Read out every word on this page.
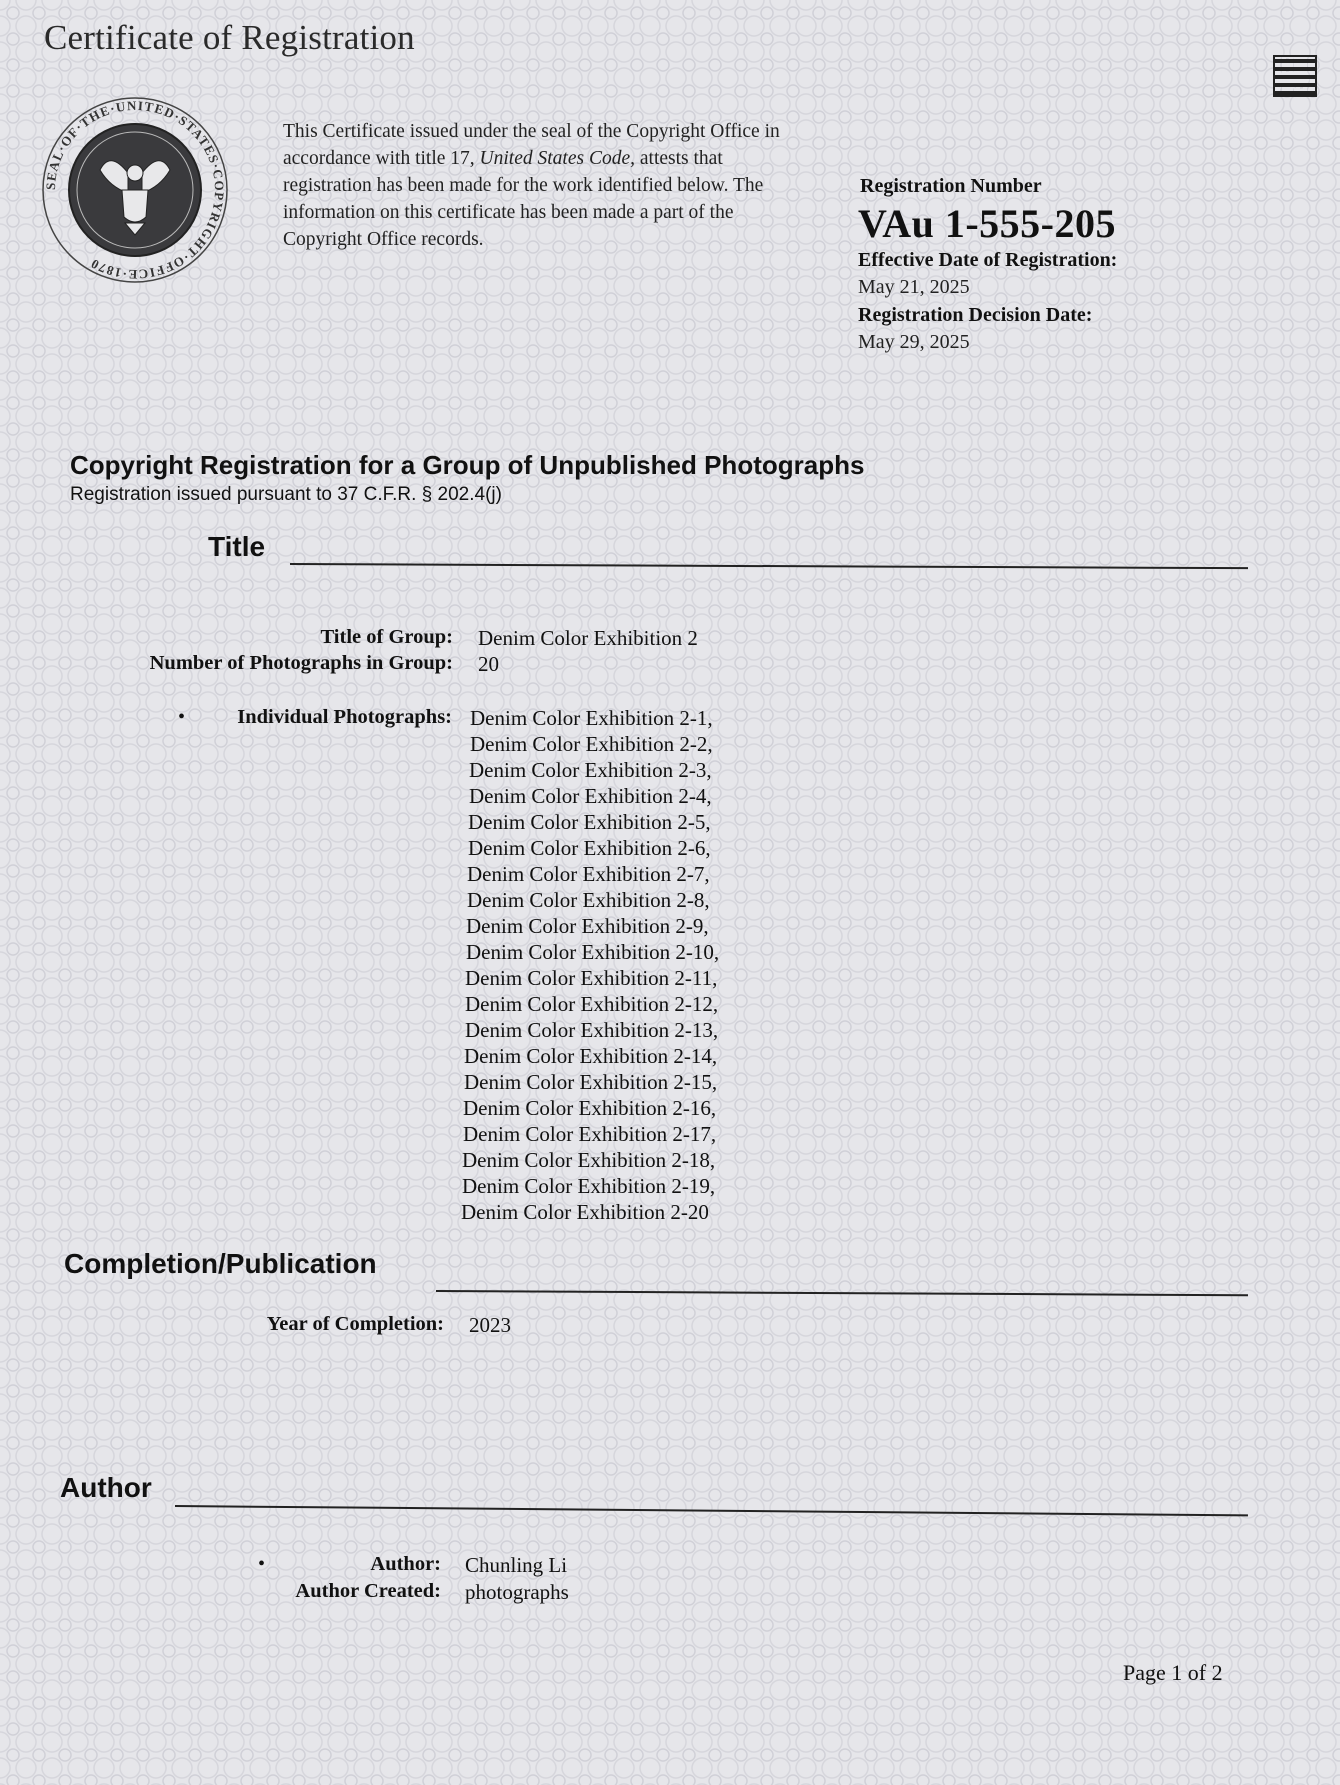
Certificate of Registration
SEAL·OF·THE·UNITED·STATES·COPYRIGHT·OFFICE·1870
This Certificate issued under the seal of the Copyright Office in accordance with title 17, United States Code, attests that registration has been made for the work identified below. The information on this certificate has been made a part of the Copyright Office records.
Registration Number
VAu 1-555-205
Effective Date of Registration:
May 21, 2025
Registration Decision Date:
May 29, 2025
Copyright Registration for a Group of Unpublished Photographs
Registration issued pursuant to 37 C.F.R. § 202.4(j)
Title
Title of Group: Denim Color Exhibition 2
Number of Photographs in Group: 20
•	Individual Photographs: Denim Color Exhibition 2-1,
Denim Color Exhibition 2-2,
Denim Color Exhibition 2-3,
Denim Color Exhibition 2-4,
Denim Color Exhibition 2-5,
Denim Color Exhibition 2-6,
Denim Color Exhibition 2-7,
Denim Color Exhibition 2-8,
Denim Color Exhibition 2-9,
Denim Color Exhibition 2-10,
Denim Color Exhibition 2-11,
Denim Color Exhibition 2-12,
Denim Color Exhibition 2-13,
Denim Color Exhibition 2-14,
Denim Color Exhibition 2-15,
Denim Color Exhibition 2-16,
Denim Color Exhibition 2-17,
Denim Color Exhibition 2-18,
Denim Color Exhibition 2-19,
Denim Color Exhibition 2-20
Completion/Publication
Year of Completion: 2023
Author
•	Author: Chunling Li
Author Created: photographs
Page 1 of 2
